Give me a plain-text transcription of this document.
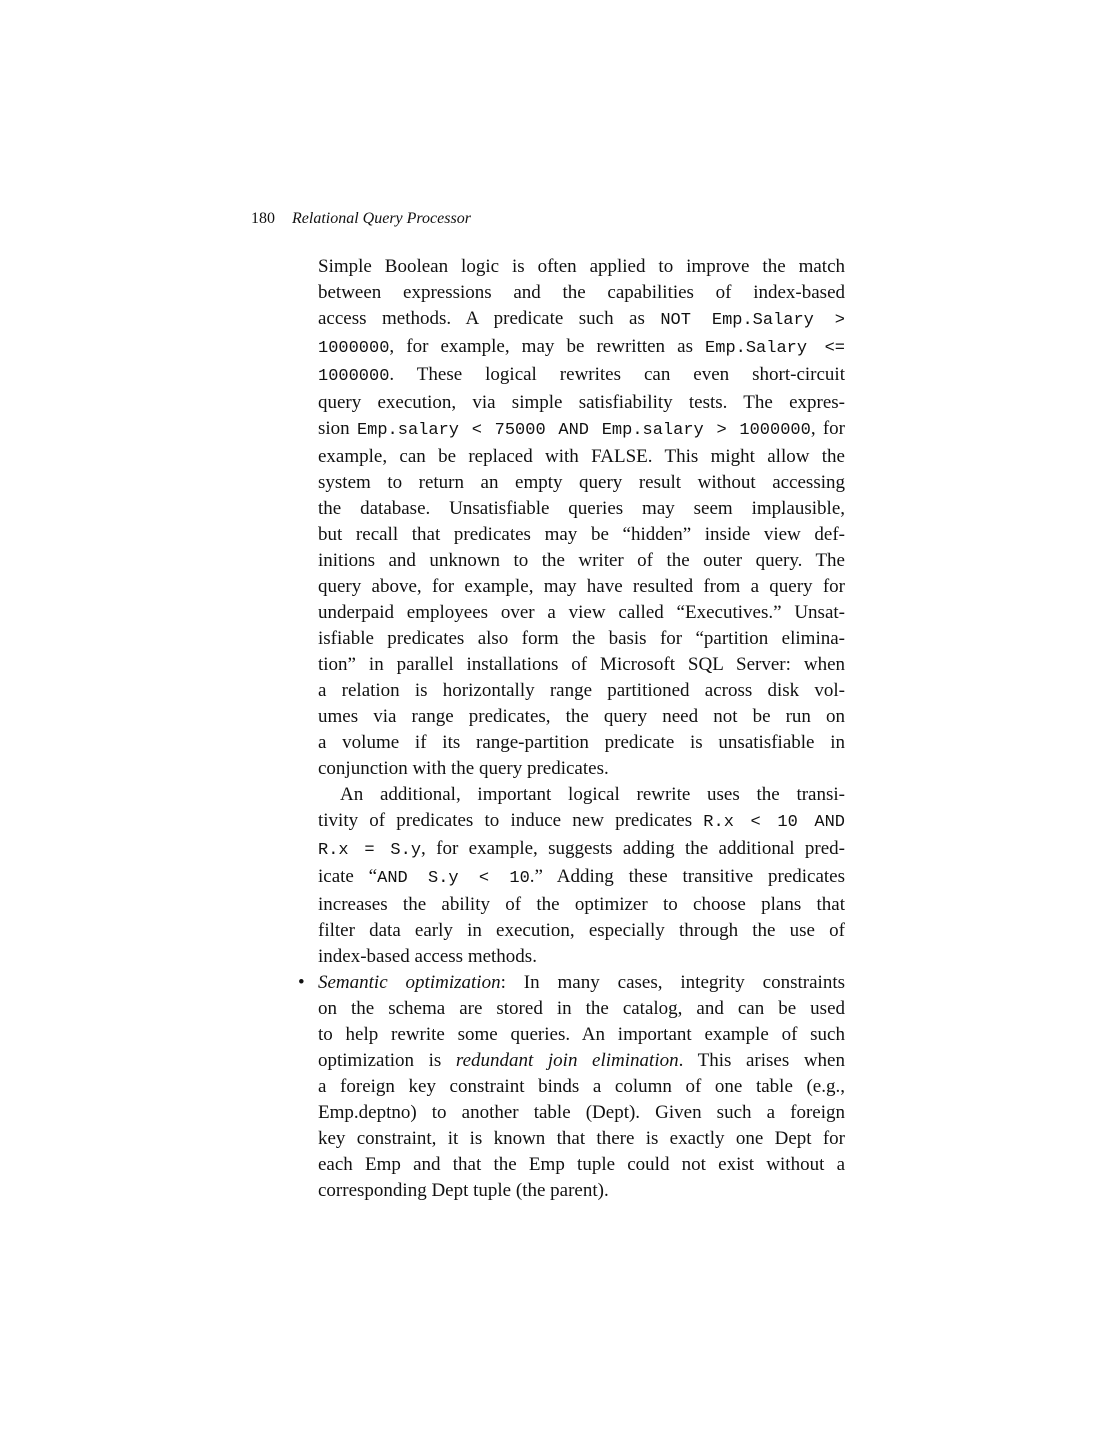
180 Relational Query Processor
Simple Boolean logic is often applied to improve the match
between expressions and the capabilities of index-based
access methods. A predicate such as NOT Emp.Salary >
1000000, for example, may be rewritten as Emp.Salary <=
1000000. These logical rewrites can even short-circuit
query execution, via simple satisfiability tests. The expres-
sion Emp.salary < 75000 AND Emp.salary > 1000000, for
example, can be replaced with FALSE. This might allow the
system to return an empty query result without accessing
the database. Unsatisfiable queries may seem implausible,
but recall that predicates may be “hidden” inside view def-
initions and unknown to the writer of the outer query. The
query above, for example, may have resulted from a query for
underpaid employees over a view called “Executives.” Unsat-
isfiable predicates also form the basis for “partition elimina-
tion” in parallel installations of Microsoft SQL Server: when
a relation is horizontally range partitioned across disk vol-
umes via range predicates, the query need not be run on
a volume if its range-partition predicate is unsatisfiable in
conjunction with the query predicates.
An additional, important logical rewrite uses the transi-
tivity of predicates to induce new predicates R.x < 10 AND
R.x = S.y, for example, suggests adding the additional pred-
icate “AND S.y < 10.” Adding these transitive predicates
increases the ability of the optimizer to choose plans that
filter data early in execution, especially through the use of
index-based access methods.
• Semantic optimization: In many cases, integrity constraints
on the schema are stored in the catalog, and can be used
to help rewrite some queries. An important example of such
optimization is redundant join elimination. This arises when
a foreign key constraint binds a column of one table (e.g.,
Emp.deptno) to another table (Dept). Given such a foreign
key constraint, it is known that there is exactly one Dept for
each Emp and that the Emp tuple could not exist without a
corresponding Dept tuple (the parent).
